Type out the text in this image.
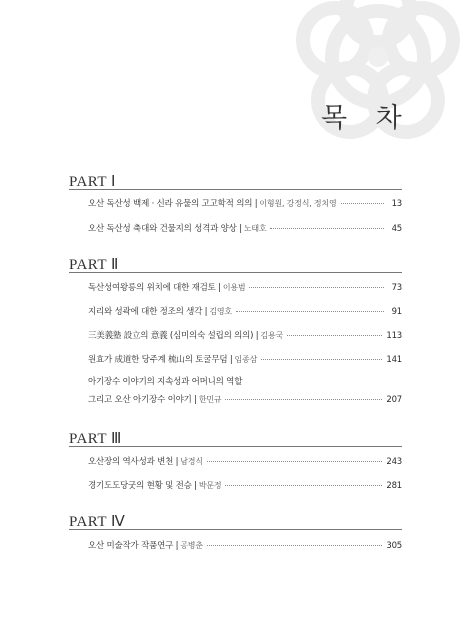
목 차
PART Ⅰ
오산 독산성 백제 · 신라 유물의 고고학적 의의 | 이형원, 강정식, 정치영	13
오산 독산성 축대와 건물지의 성격과 양상 | 노태호	45
PART Ⅱ
독산성여왕릉의 위치에 대한 재검토 | 이용범	73
지리와 성곽에 대한 정조의 생각 | 김영호	91
三美義塾 設立의 意義 (심미의숙 설립의 의의) | 김용국	113
원효가 成道한 당주계 梳山의 토굴무덤 | 임종삼	141
아기장수 이야기의 지속성과 어머니의 역할
그리고 오산 아기장수 이야기 | 한민규	207
PART Ⅲ
오산장의 역사성과 변천 | 남경식	243
경기도도당굿의 현황 및 전승 | 박문정	281
PART Ⅳ
오산 미술작가 작품연구 | 공병춘	305
